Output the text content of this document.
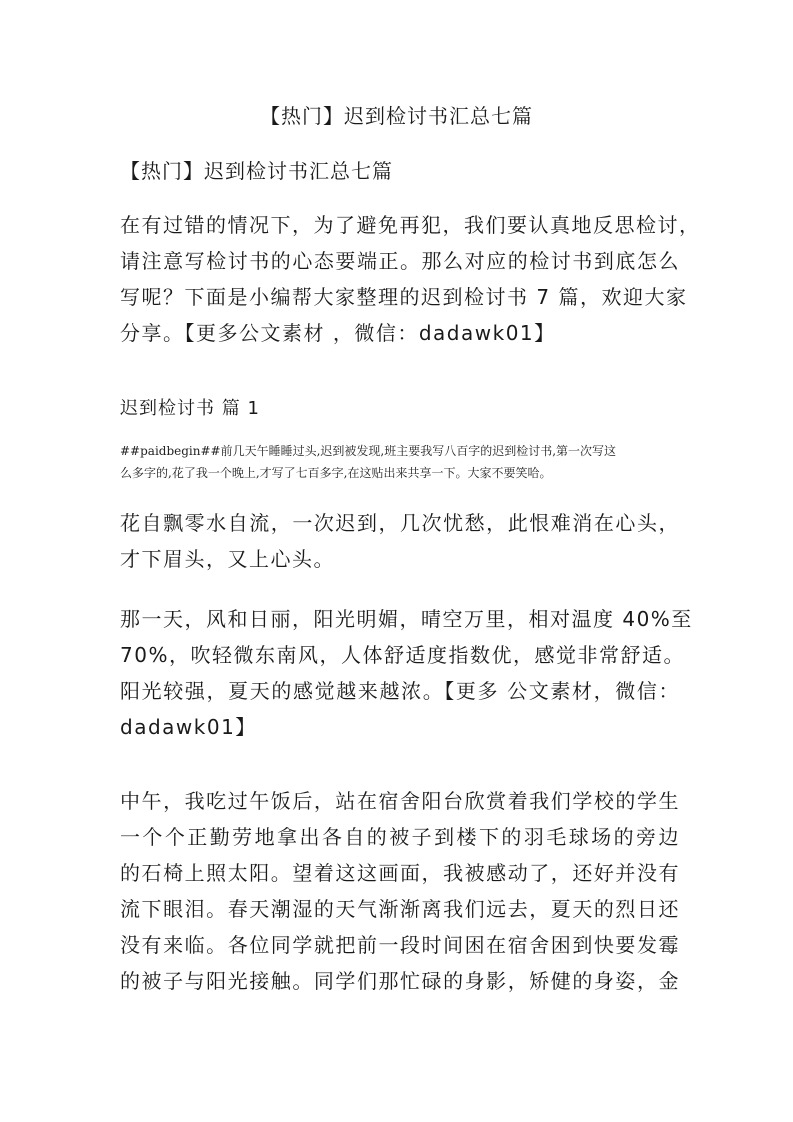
【热门】迟到检讨书汇总七篇
【热门】迟到检讨书汇总七篇
在有过错的情况下，为了避免再犯，我们要认真地反思检讨，
请注意写检讨书的心态要端正。那么对应的检讨书到底怎么
写呢？下面是小编帮大家整理的迟到检讨书 7 篇，欢迎大家
分享。【更多公文素材 ，微信：dadawk01】
迟到检讨书 篇 1
##paidbegin##前几天午睡睡过头,迟到被发现,班主要我写八百字的迟到检讨书,第一次写这
么多字的,花了我一个晚上,才写了七百多字,在这贴出来共享一下。大家不要笑哈。
花自飘零水自流，一次迟到，几次忧愁，此恨难消在心头，
才下眉头，又上心头。
那一天，风和日丽，阳光明媚，晴空万里，相对温度 40%至
70%，吹轻微东南风，人体舒适度指数优，感觉非常舒适。
阳光较强，夏天的感觉越来越浓。【更多 公文素材，微信：
dadawk01】
中午，我吃过午饭后，站在宿舍阳台欣赏着我们学校的学生
一个个正勤劳地拿出各自的被子到楼下的羽毛球场的旁边
的石椅上照太阳。望着这这画面，我被感动了，还好并没有
流下眼泪。春天潮湿的天气渐渐离我们远去，夏天的烈日还
没有来临。各位同学就把前一段时间困在宿舍困到快要发霉
的被子与阳光接触。同学们那忙碌的身影，矫健的身姿，金
